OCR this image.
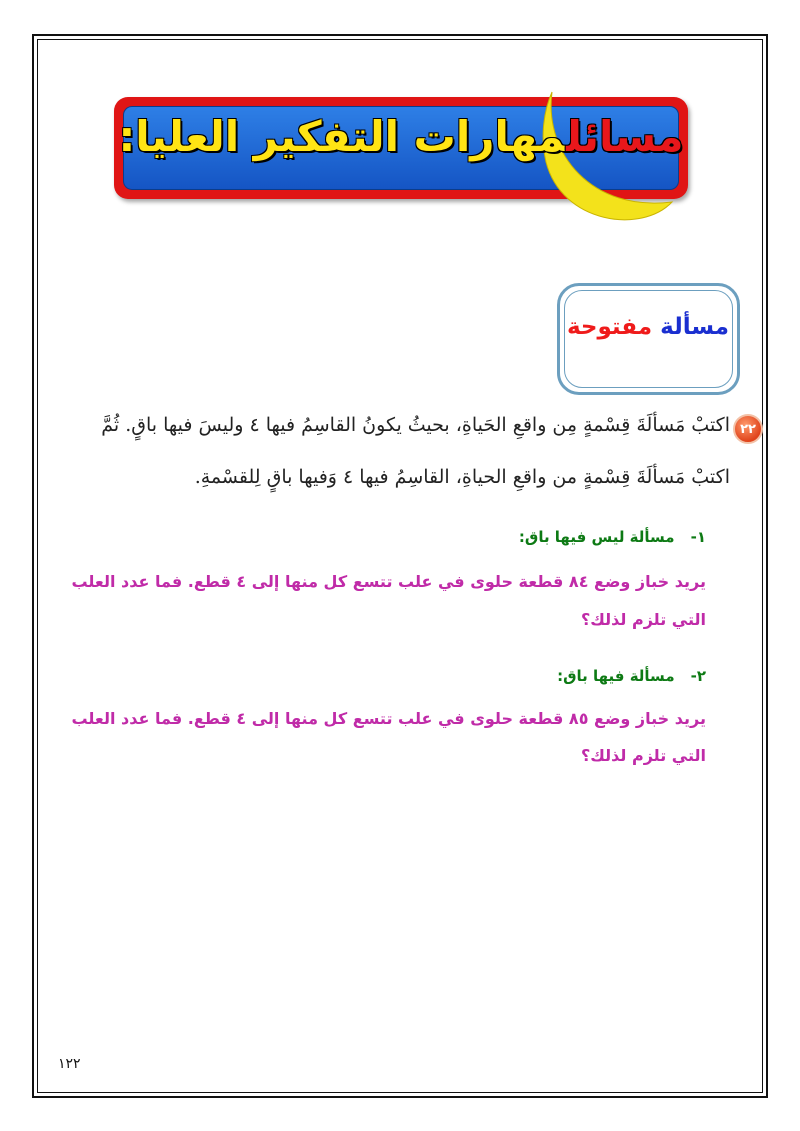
مسائلمهارات التفكير العليا:
مسألة مفتوحة
٢٢
اكتبْ مَسألَةَ قِسْمةٍ مِن واقعِ الحَياةِ، بحيثُ يكونُ القاسِمُ فيها ٤ وليسَ فيها باقٍ. ثُمَّ
اكتبْ مَسألَةَ قِسْمةٍ من واقعِ الحياةِ، القاسِمُ فيها ٤ وَفيها باقٍ لِلقسْمةِ.
١-مسألة ليس فيها باق:
يريد خباز وضع ٨٤ قطعة حلوى في علب تتسع كل منها إلى ٤ قطع. فما عدد العلب
التي تلزم لذلك؟
٢-مسألة فيها باق:
يريد خباز وضع ٨٥ قطعة حلوى في علب تتسع كل منها إلى ٤ قطع. فما عدد العلب
التي تلزم لذلك؟
١٢٢
